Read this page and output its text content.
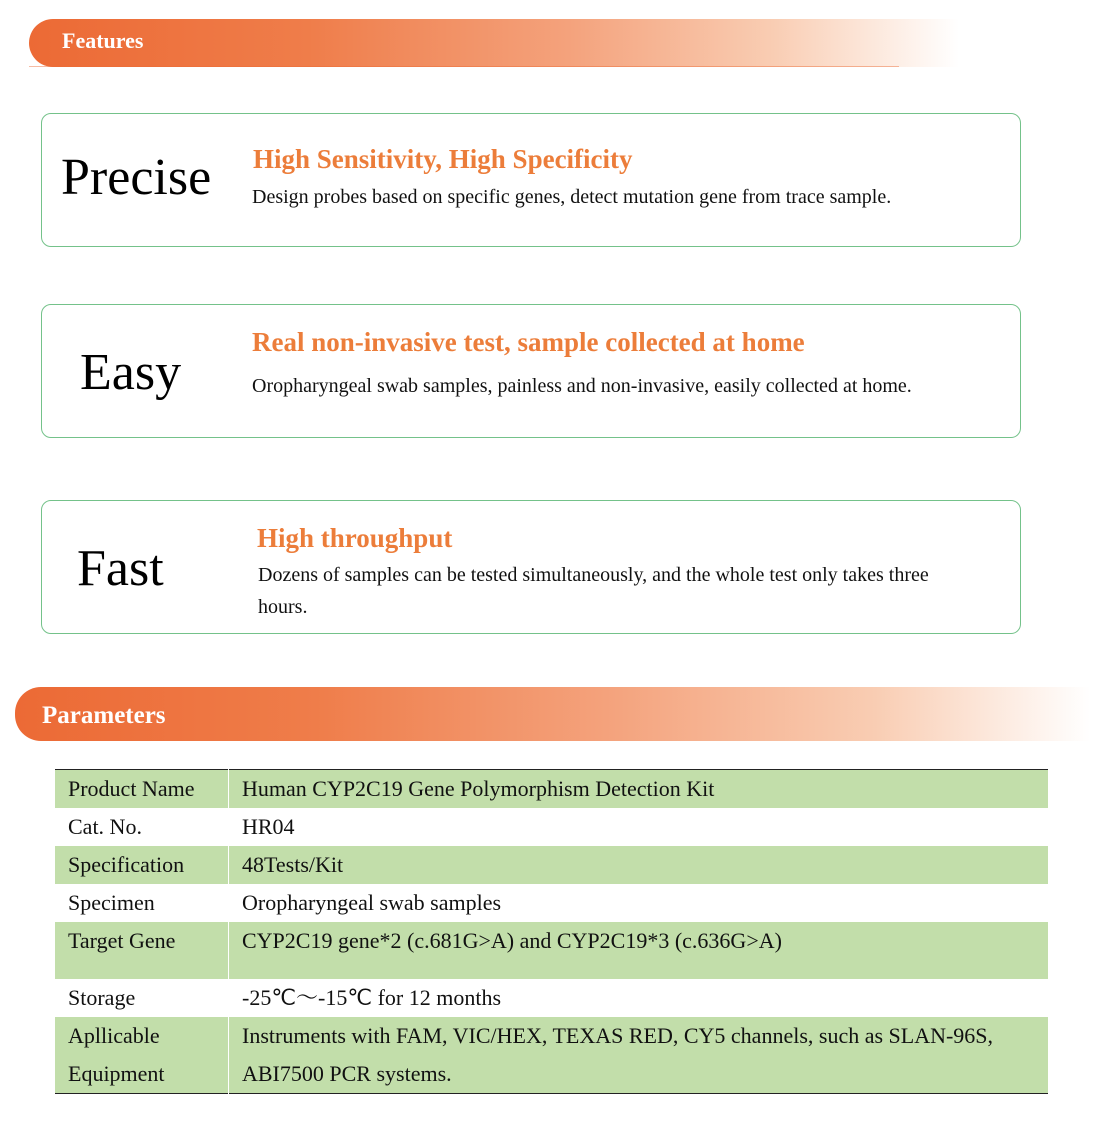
Features
Precise High Sensitivity, High Specificity
Design probes based on specific genes, detect mutation gene from trace sample.
Easy
Real non-invasive test, sample collected at home
Oropharyngeal swab samples, painless and non-invasive, easily collected at home.
Fast
High throughput
Dozens of samples can be tested simultaneously, and the whole test only takes three hours.
Parameters
Product Name	Human CYP2C19 Gene Polymorphism Detection Kit
Cat. No.	HR04
Specification	48Tests/Kit
Specimen	Oropharyngeal swab samples
Target Gene	CYP2C19 gene*2 (c.681G>A) and CYP2C19*3 (c.636G>A)
Storage	-25℃～-15℃ for 12 months
Apllicable Equipment	Instruments with FAM, VIC/HEX, TEXAS RED, CY5 channels, such as SLAN-96S, ABI7500 PCR systems.
